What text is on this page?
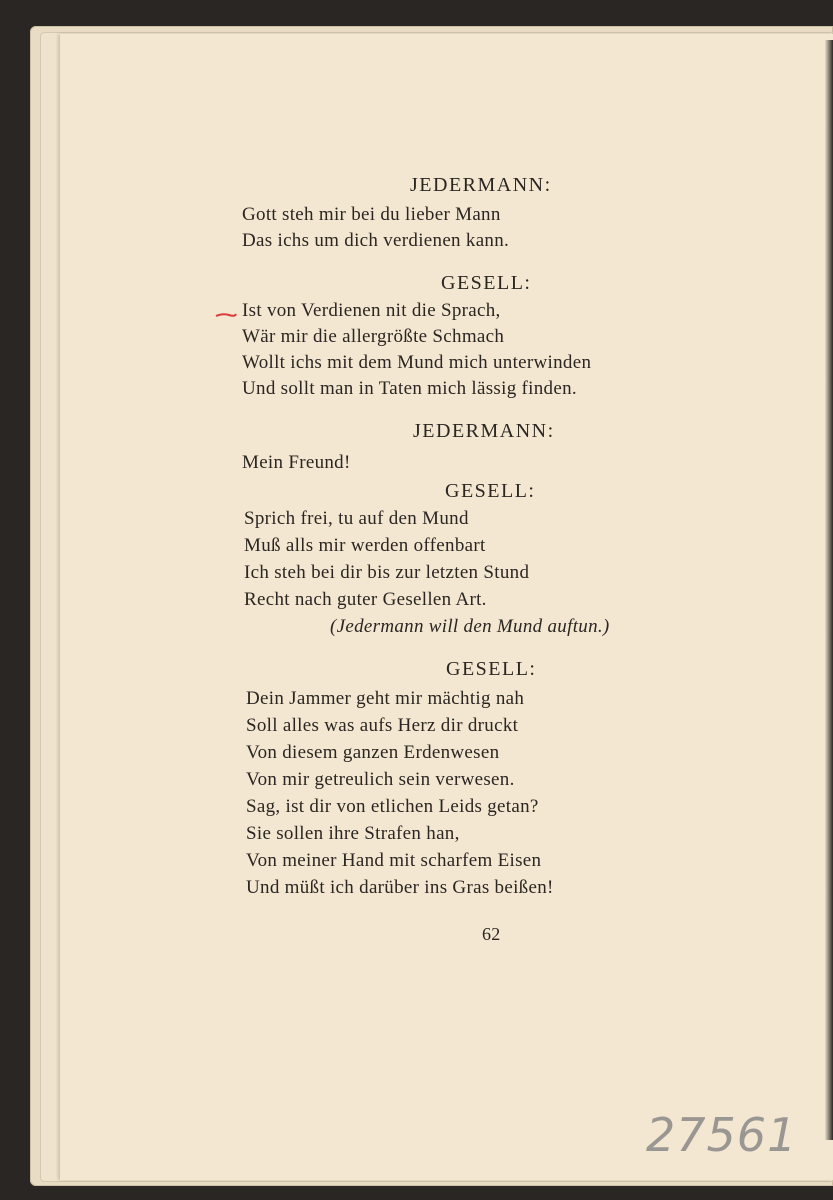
JEDERMANN:
Gott steh mir bei du lieber Mann
Das ichs um dich verdienen kann.
GESELL:
Ist von Verdienen nit die Sprach,
Wär mir die allergrößte Schmach
Wollt ichs mit dem Mund mich unterwinden
Und sollt man in Taten mich lässig finden.
JEDERMANN:
Mein Freund!
GESELL:
Sprich frei, tu auf den Mund
Muß alls mir werden offenbart
Ich steh bei dir bis zur letzten Stund
Recht nach guter Gesellen Art.
(Jedermann will den Mund auftun.)
GESELL:
Dein Jammer geht mir mächtig nah
Soll alles was aufs Herz dir druckt
Von diesem ganzen Erdenwesen
Von mir getreulich sein verwesen.
Sag, ist dir von etlichen Leids getan?
Sie sollen ihre Strafen han,
Von meiner Hand mit scharfem Eisen
Und müßt ich darüber ins Gras beißen!
62
27561
